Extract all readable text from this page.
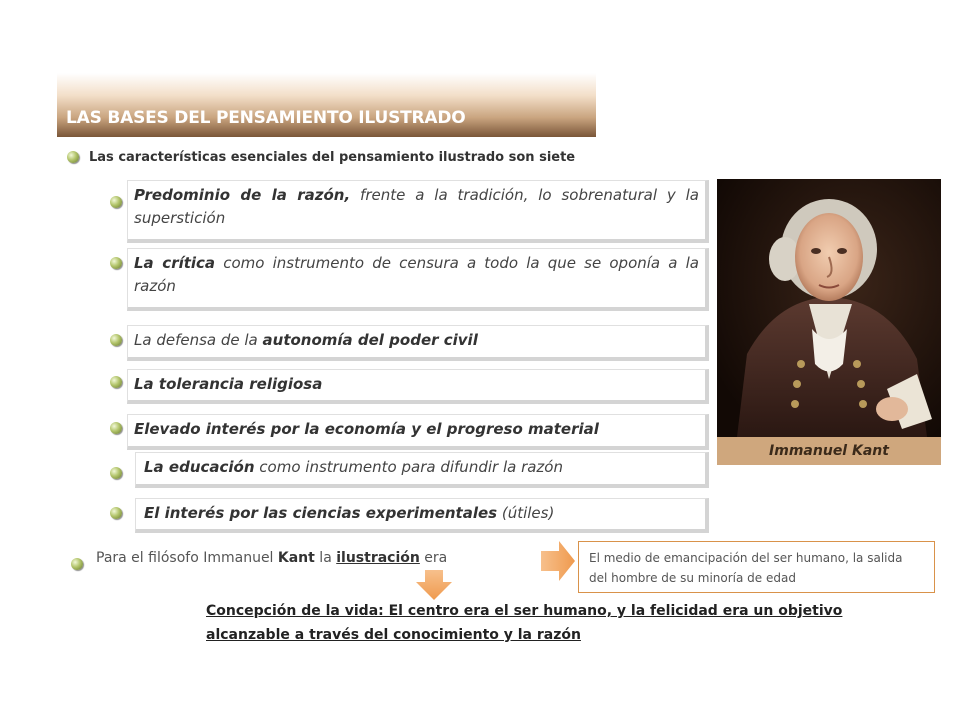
LAS BASES DEL PENSAMIENTO ILUSTRADO
Las características esenciales del pensamiento ilustrado son siete
Predominio de la razón, frente a la tradición, lo sobrenatural y la superstición
La crítica como instrumento de censura a todo la que se oponía a la razón
La defensa de la autonomía del poder civil
La tolerancia religiosa
Elevado interés por la economía y el progreso material
La educación como instrumento para difundir la razón
El interés por las ciencias experimentales (útiles)
Immanuel Kant
Para el filósofo Immanuel Kant la ilustración era	El medio de emancipación del ser humano, la salida del hombre de su minoría de edad
Concepción de la vida: El centro era el ser humano, y la felicidad era un objetivo alcanzable a través del conocimiento y la razón
